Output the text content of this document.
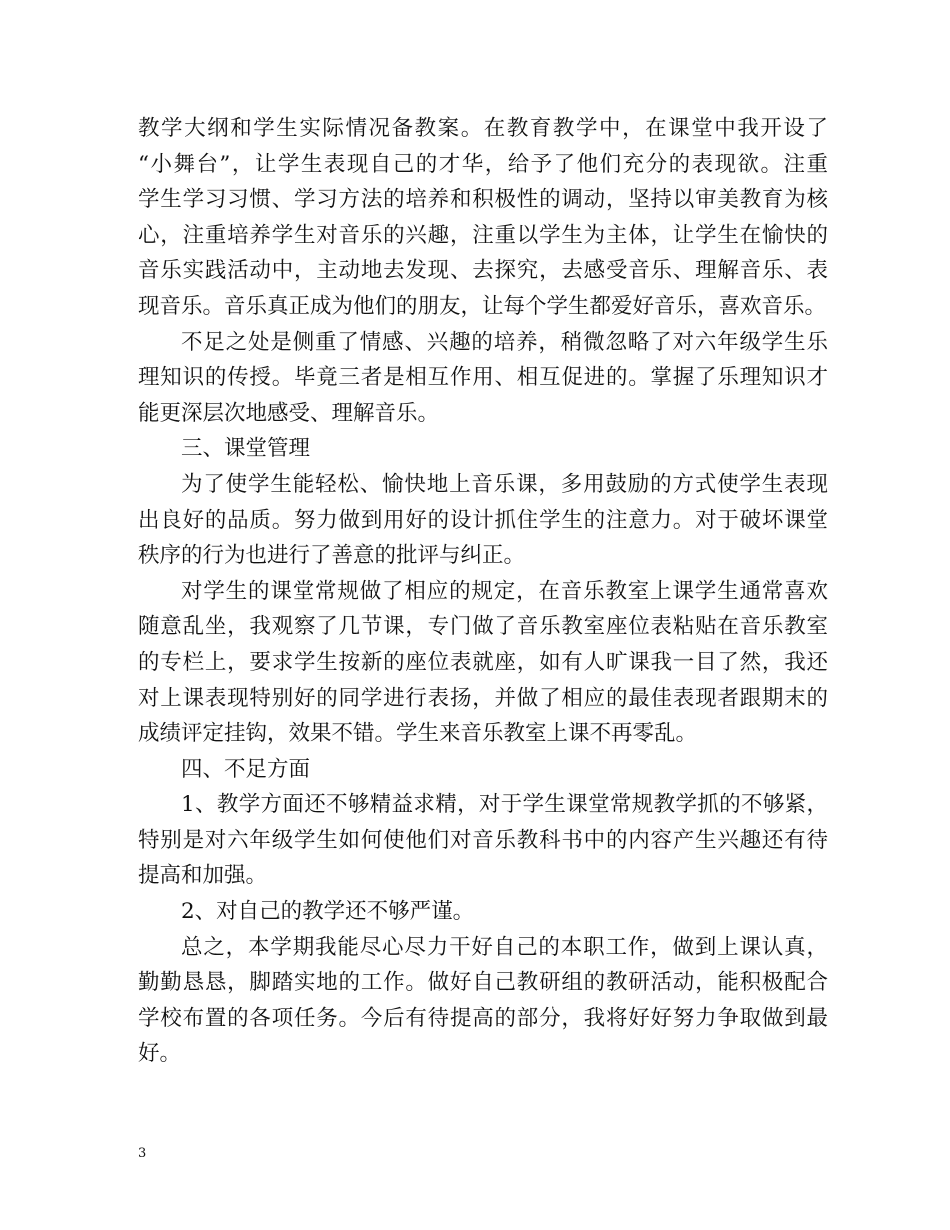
教学大纲和学生实际情况备教案。在教育教学中，在课堂中我开设了
“小舞台”，让学生表现自己的才华，给予了他们充分的表现欲。注重
学生学习习惯、学习方法的培养和积极性的调动，坚持以审美教育为核
心，注重培养学生对音乐的兴趣，注重以学生为主体，让学生在愉快的
音乐实践活动中，主动地去发现、去探究，去感受音乐、理解音乐、表
现音乐。音乐真正成为他们的朋友，让每个学生都爱好音乐，喜欢音乐。
不足之处是侧重了情感、兴趣的培养，稍微忽略了对六年级学生乐
理知识的传授。毕竟三者是相互作用、相互促进的。掌握了乐理知识才
能更深层次地感受、理解音乐。
三、课堂管理
为了使学生能轻松、愉快地上音乐课，多用鼓励的方式使学生表现
出良好的品质。努力做到用好的设计抓住学生的注意力。对于破坏课堂
秩序的行为也进行了善意的批评与纠正。
对学生的课堂常规做了相应的规定，在音乐教室上课学生通常喜欢
随意乱坐，我观察了几节课，专门做了音乐教室座位表粘贴在音乐教室
的专栏上，要求学生按新的座位表就座，如有人旷课我一目了然，我还
对上课表现特别好的同学进行表扬，并做了相应的最佳表现者跟期末的
成绩评定挂钩，效果不错。学生来音乐教室上课不再零乱。
四、不足方面
1、教学方面还不够精益求精，对于学生课堂常规教学抓的不够紧，
特别是对六年级学生如何使他们对音乐教科书中的内容产生兴趣还有待
提高和加强。
2、对自己的教学还不够严谨。
总之，本学期我能尽心尽力干好自己的本职工作，做到上课认真，
勤勤恳恳，脚踏实地的工作。做好自己教研组的教研活动，能积极配合
学校布置的各项任务。今后有待提高的部分，我将好好努力争取做到最
好。
3
